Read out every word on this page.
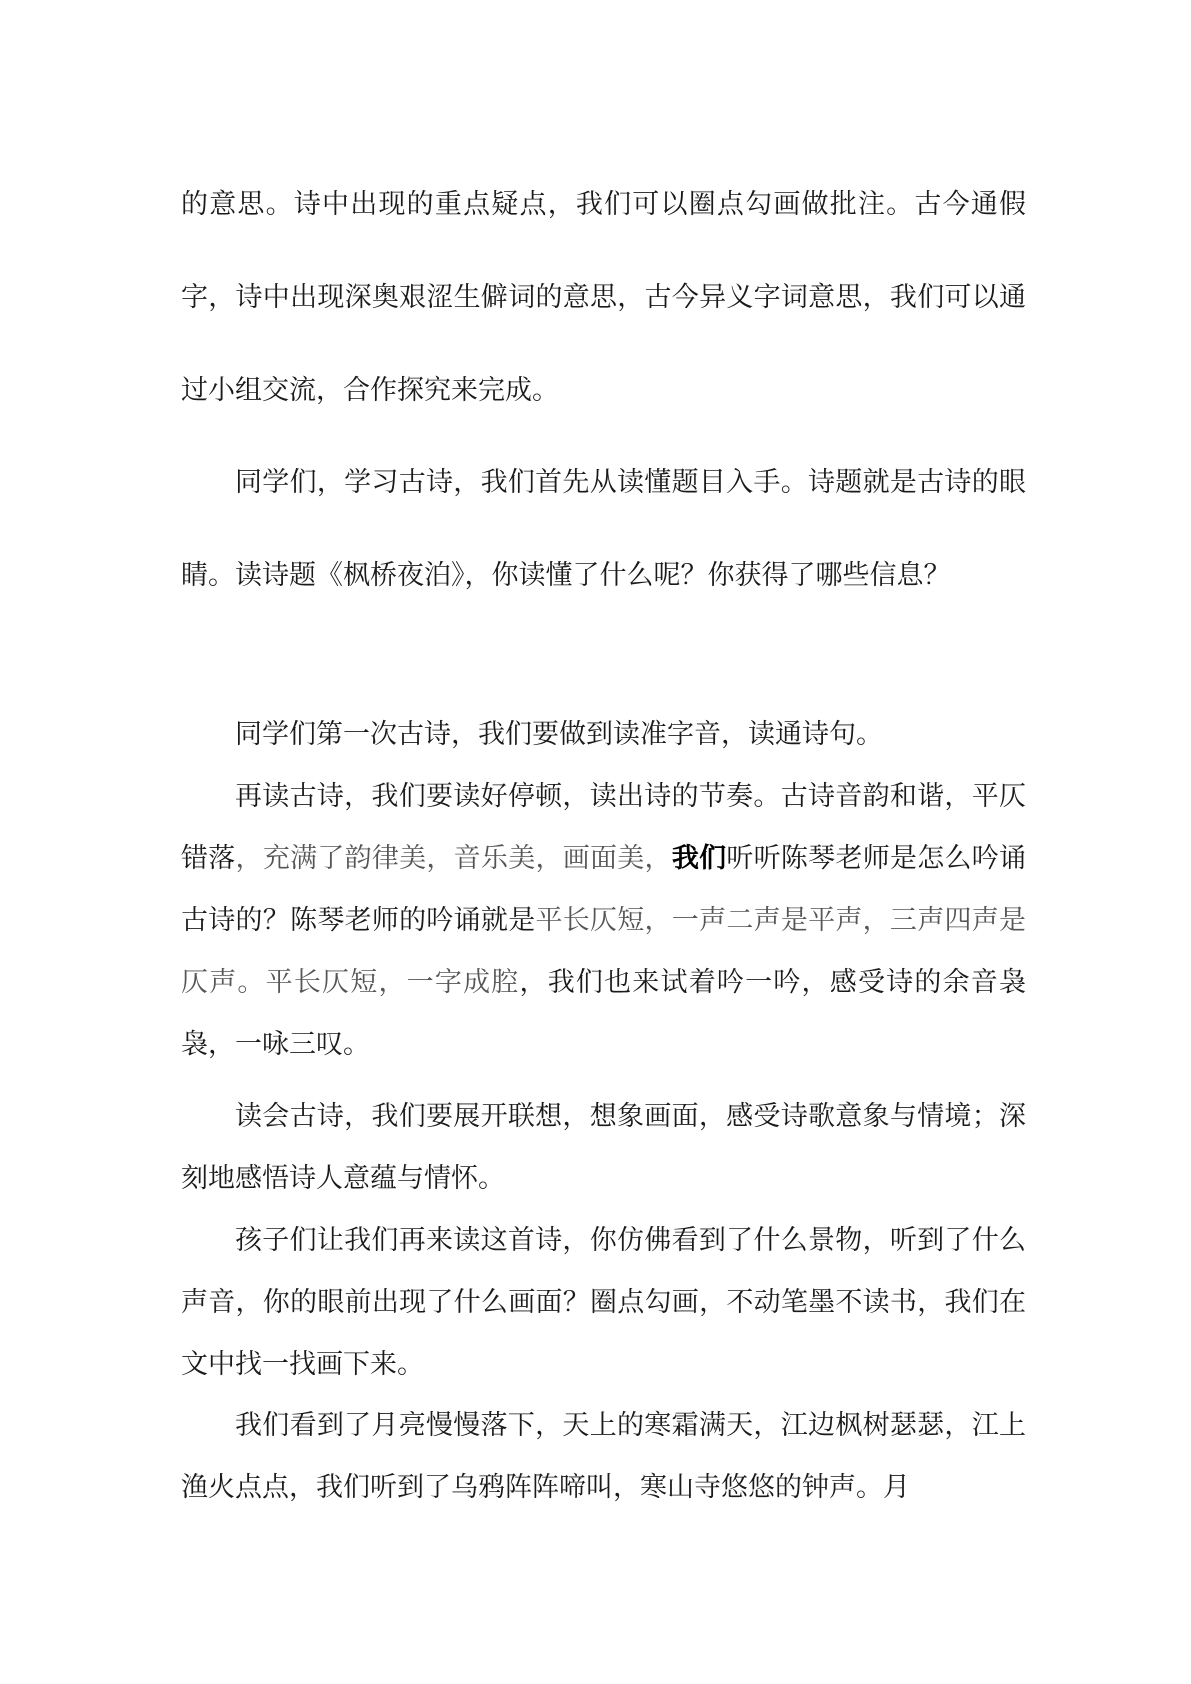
的意思。诗中出现的重点疑点，我们可以圈点勾画做批注。古今通假字，诗中出现深奥艰涩生僻词的意思，古今异义字词意思，我们可以通过小组交流，合作探究来完成。

同学们，学习古诗，我们首先从读懂题目入手。诗题就是古诗的眼睛。读诗题《枫桥夜泊》，你读懂了什么呢？你获得了哪些信息？

同学们第一次古诗，我们要做到读准字音，读通诗句。

再读古诗，我们要读好停顿，读出诗的节奏。古诗音韵和谐，平仄错落，充满了韵律美，音乐美，画面美，我们听听陈琴老师是怎么吟诵古诗的？陈琴老师的吟诵就是平长仄短，一声二声是平声，三声四声是仄声。平长仄短，一字成腔，我们也来试着吟一吟，感受诗的余音袅袅，一咏三叹。

读会古诗，我们要展开联想，想象画面，感受诗歌意象与情境；深刻地感悟诗人意蕴与情怀。

孩子们让我们再来读这首诗，你仿佛看到了什么景物，听到了什么声音，你的眼前出现了什么画面？圈点勾画，不动笔墨不读书，我们在文中找一找画下来。

我们看到了月亮慢慢落下，天上的寒霜满天，江边枫树瑟瑟，江上渔火点点，我们听到了乌鸦阵阵啼叫，寒山寺悠悠的钟声。月
